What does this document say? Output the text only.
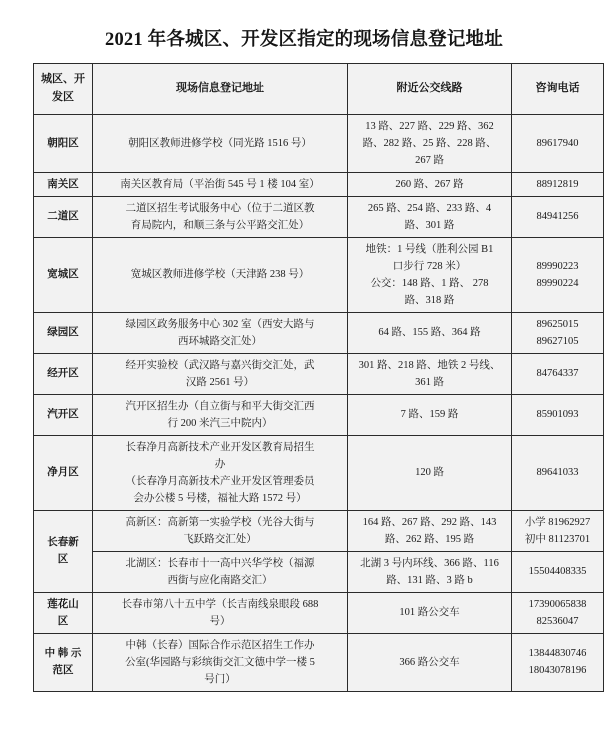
2021 年各城区、开发区指定的现场信息登记地址
城区、开发区	现场信息登记地址	附近公交线路	咨询电话

朝阳区	朝阳区教师进修学校（同光路 1516 号）	13 路、227 路、229 路、362
路、282 路、25 路、228 路、
267 路	89617940

南关区	南关区教育局（平治街 545 号 1 楼 104 室）	260 路、267 路	88912819

二道区	二道区招生考试服务中心（位于二道区教
育局院内，和顺三条与公平路交汇处）	265 路、254 路、233 路、4
路、301 路	84941256

宽城区	宽城区教师进修学校（天津路 238 号）	地铁：1 号线（胜利公园 B1
口步行 728 米）
公交：148 路、1 路、 278
路、318 路	89990223
89990224

绿园区	绿园区政务服务中心 302 室（西安大路与
西环城路交汇处）	64 路、155 路、364 路	89625015
89627105

经开区	经开实验校（武汉路与嘉兴街交汇处，武
汉路 2561 号）	301 路、218 路、地铁 2 号线、
361 路	84764337

汽开区	汽开区招生办（自立街与和平大街交汇西
行 200 米汽三中院内）	7 路、159 路	85901093

净月区	长春净月高新技术产业开发区教育局招生
办
（长春净月高新技术产业开发区管理委员
会办公楼 5 号楼，福祉大路 1572 号）	120 路	89641033

长春新
区	高新区：高新第一实验学校（光谷大街与
飞跃路交汇处）	164 路、267 路、292 路、143
路、262 路、195 路	小学 81962927
初中 81123701

	北湖区：长春市十一高中兴华学校（福源
西街与应化南路交汇）	北湖 3 号内环线、366 路、116
路、131 路、3 路 b	15504408335

莲花山
区	长春市第八十五中学（长吉南线泉眼段 688
号）	101 路公交车	17390065838
82536047

中 韩 示
范区	中韩（长春）国际合作示范区招生工作办
公室(华园路与彩缤街交汇文德中学一楼 5
号门）	366 路公交车	13844830746
18043078196
